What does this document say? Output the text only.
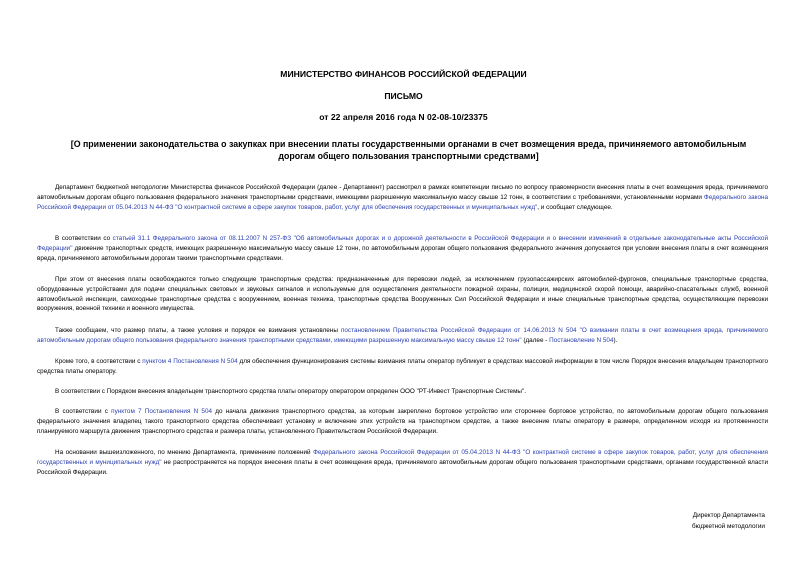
МИНИСТЕРСТВО ФИНАНСОВ РОССИЙСКОЙ ФЕДЕРАЦИИ
ПИСЬМО
от 22 апреля 2016 года N 02-08-10/23375
[О применении законодательства о закупках при внесении платы государственными органами в счет возмещения вреда, причиняемого автомобильным дорогам общего пользования транспортными средствами]
Департамент бюджетной методологии Министерства финансов Российской Федерации (далее - Департамент) рассмотрел в рамках компетенции письмо по вопросу правомерности внесения платы в счет возмещения вреда, причиняемого автомобильным дорогам общего пользования федерального значения транспортными средствами, имеющими разрешенную максимальную массу свыше 12 тонн, в соответствии с требованиями, установленными нормами Федерального закона Российской Федерации от 05.04.2013 N 44-ФЗ "О контрактной системе в сфере закупок товаров, работ, услуг для обеспечения государственных и муниципальных нужд", и сообщает следующее.
В соответствии со статьей 31.1 Федерального закона от 08.11.2007 N 257-ФЗ "Об автомобильных дорогах и о дорожной деятельности в Российской Федерации и о внесении изменений в отдельные законодательные акты Российской Федерации" движение транспортных средств, имеющих разрешенную максимальную массу свыше 12 тонн, по автомобильным дорогам общего пользования федерального значения допускается при условии внесения платы в счет возмещения вреда, причиняемого автомобильным дорогам такими транспортными средствами.
При этом от внесения платы освобождаются только следующие транспортные средства: предназначенные для перевозки людей, за исключением грузопассажирских автомобилей-фургонов, специальные транспортные средства, оборудованные устройствами для подачи специальных световых и звуковых сигналов и используемые для осуществления деятельности пожарной охраны, полиции, медицинской скорой помощи, аварийно-спасательных служб, военной автомобильной инспекции, самоходные транспортные средства с вооружением, военная техника, транспортные средства Вооруженных Сил Российской Федерации и иные специальные транспортные средства, осуществляющие перевозки вооружения, военной техники и военного имущества.
Также сообщаем, что размер платы, а также условия и порядок ее взимания установлены постановлением Правительства Российской Федерации от 14.06.2013 N 504 "О взимании платы в счет возмещения вреда, причиняемого автомобильным дорогам общего пользования федерального значения транспортными средствами, имеющими разрешенную максимальную массу свыше 12 тонн" (далее - Постановление N 504).
Кроме того, в соответствии с пунктом 4 Постановления N 504 для обеспечения функционирования системы взимания платы оператор публикует в средствах массовой информации в том числе Порядок внесения владельцем транспортного средства платы оператору.
В соответствии с Порядком внесения владельцем транспортного средства платы оператору оператором определен ООО "РТ-Инвест Транспортные Системы".
В соответствии с пунктом 7 Постановления N 504 до начала движения транспортного средства, за которым закреплено бортовое устройство или стороннее бортовое устройство, по автомобильным дорогам общего пользования федерального значения владелец такого транспортного средства обеспечивает установку и включение этих устройств на транспортном средстве, а также внесение платы оператору в размере, определенном исходя из протяженности планируемого маршрута движения транспортного средства и размера платы, установленного Правительством Российской Федерации.
На основании вышеизложенного, по мнению Департамента, применение положений Федерального закона Российской Федерации от 05.04.2013 N 44-ФЗ "О контрактной системе в сфере закупок товаров, работ, услуг для обеспечения государственных и муниципальных нужд" не распространяется на порядок внесения платы в счет возмещения вреда, причиняемого автомобильным дорогам общего пользования транспортными средствами, органами государственной власти Российской Федерации.
Директор Департамента
бюджетной методологии
